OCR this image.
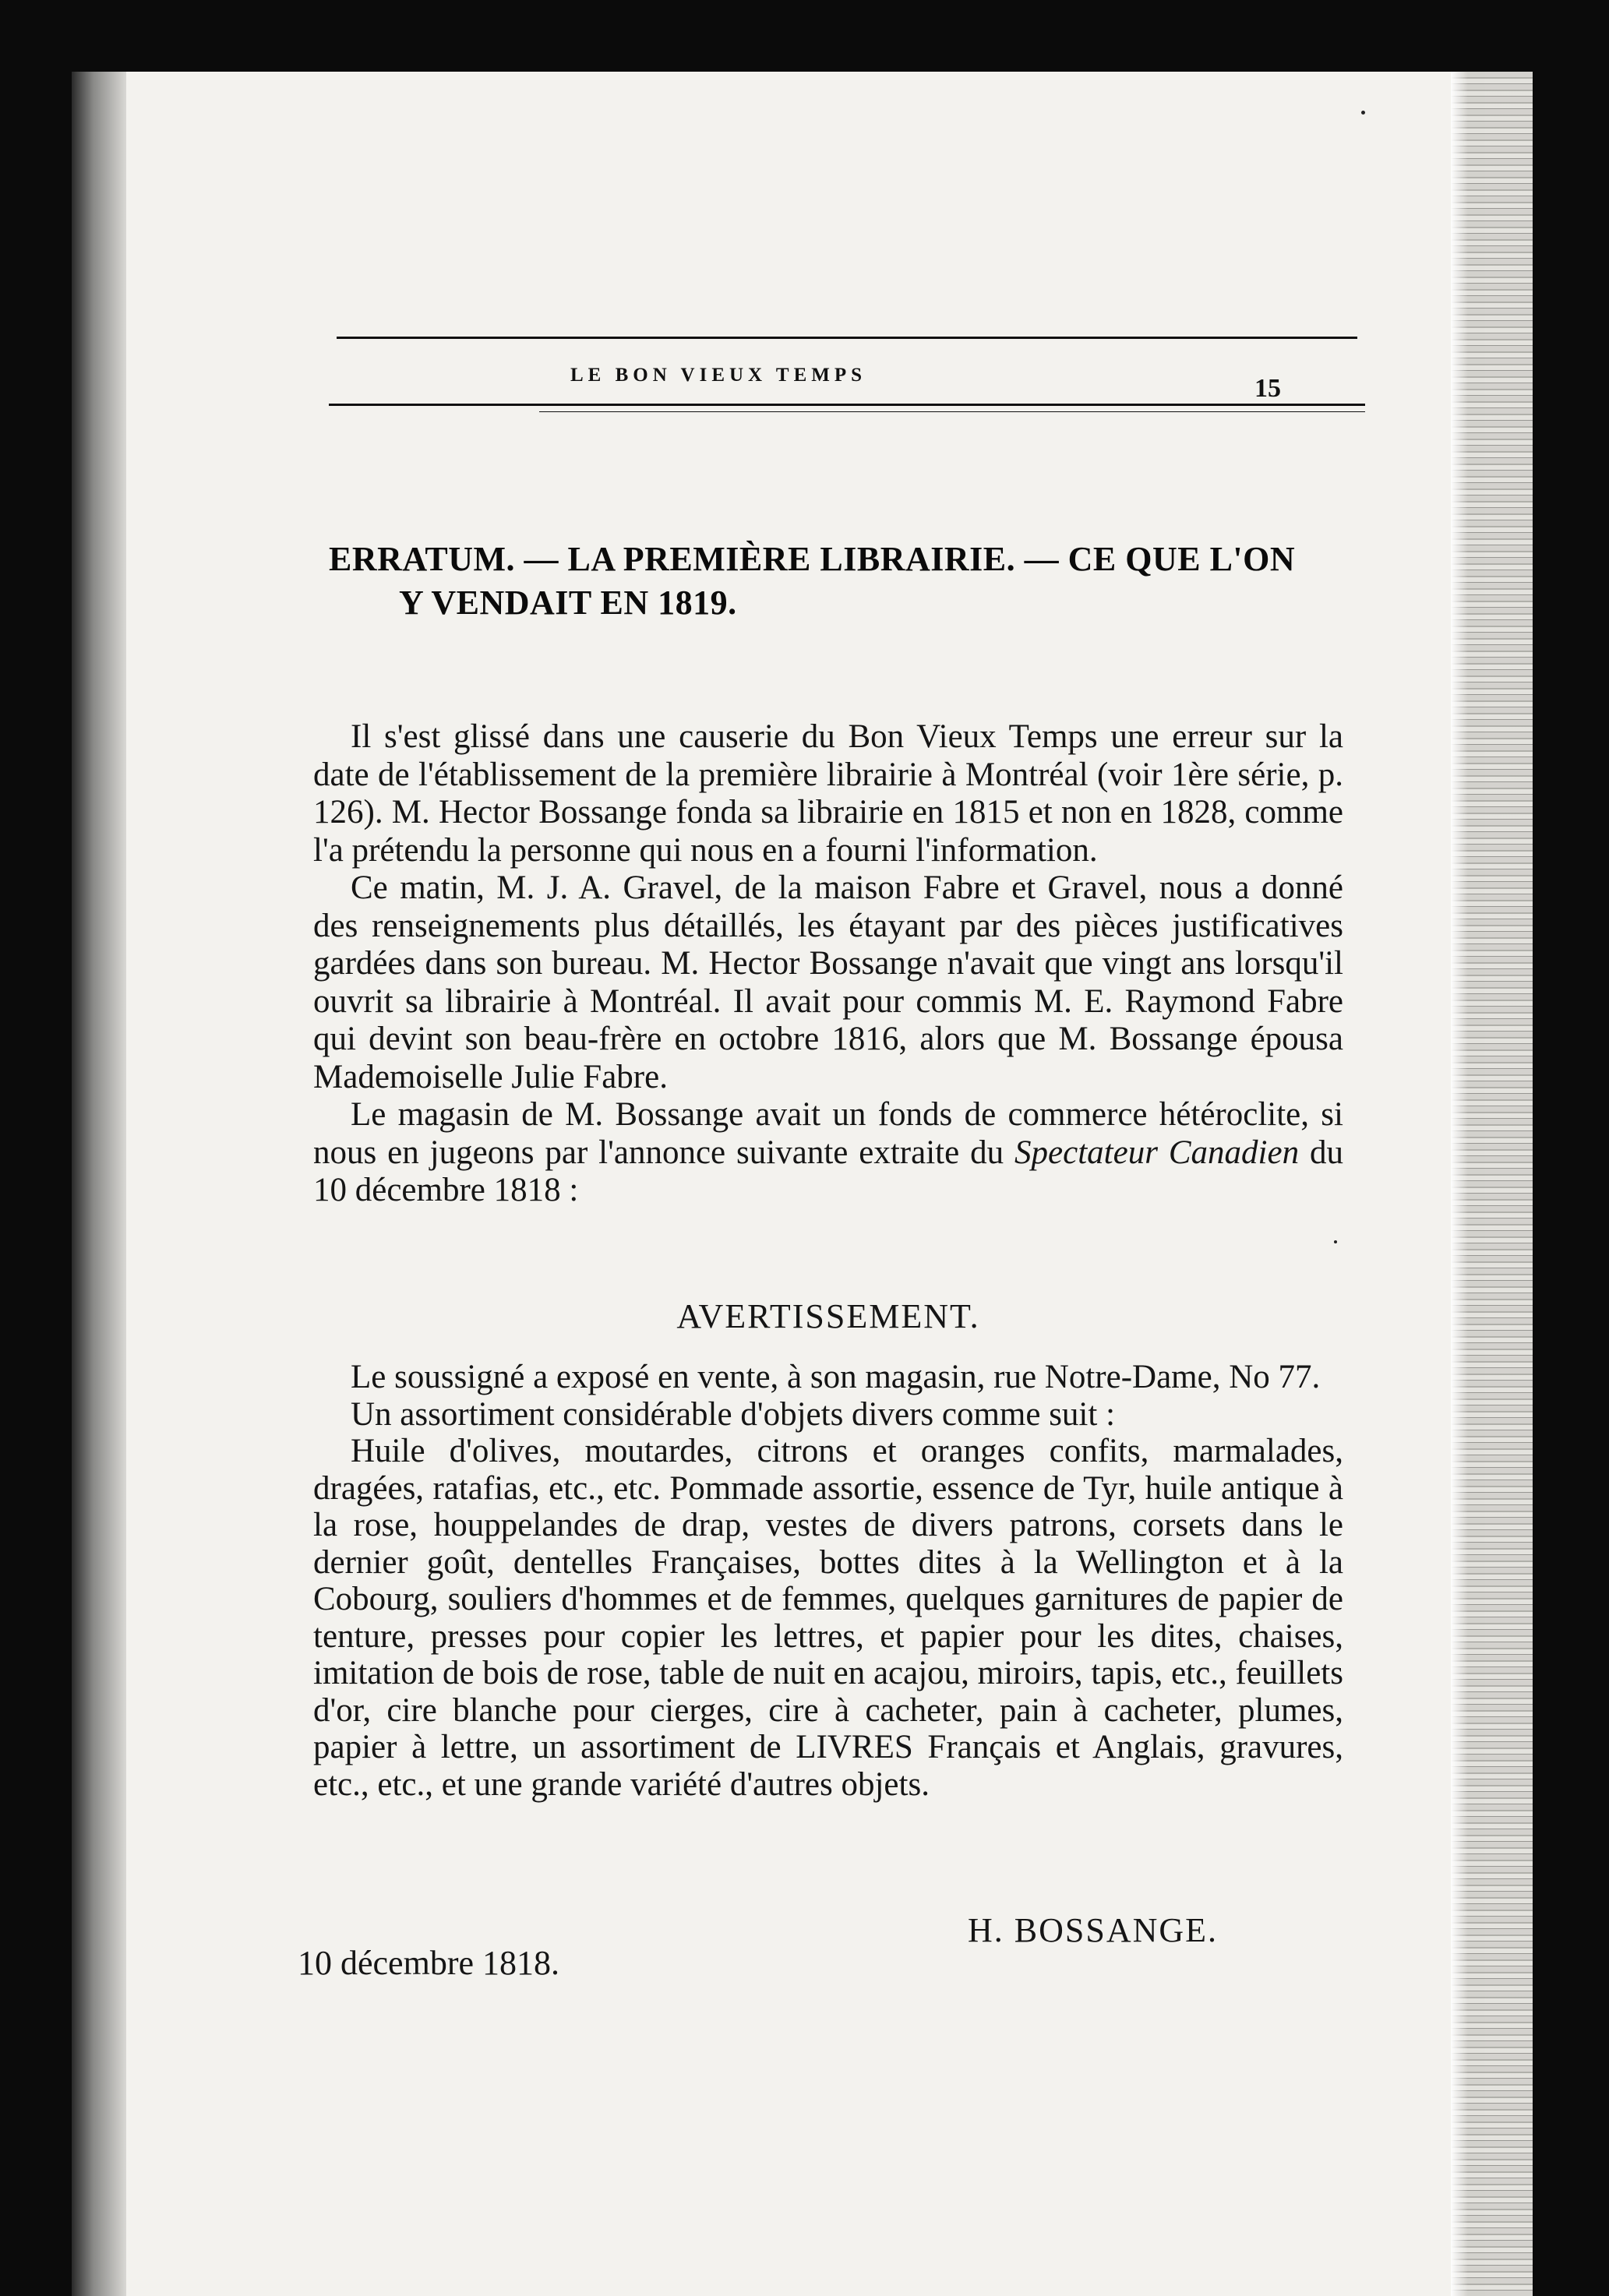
LE BON VIEUX TEMPS	15
ERRATUM. — LA PREMIÈRE LIBRAIRIE. — CE QUE L'ON
Y VENDAIT EN 1819.

Il s'est glissé dans une causerie du Bon Vieux Temps une erreur sur la date de l'établissement de la première librairie à Montréal (voir 1ère série, p. 126). M. Hector Bossange fonda sa librairie en 1815 et non en 1828, comme l'a prétendu la personne qui nous en a fourni l'information.

Ce matin, M. J. A. Gravel, de la maison Fabre et Gravel, nous a donné des renseignements plus détaillés, les étayant par des pièces justificatives gardées dans son bureau. M. Hector Bossange n'avait que vingt ans lorsqu'il ouvrit sa librairie à Montréal. Il avait pour commis M. E. Raymond Fabre qui devint son beau-frère en octobre 1816, alors que M. Bossange épousa Mademoiselle Julie Fabre.

Le magasin de M. Bossange avait un fonds de commerce hétéroclite, si nous en jugeons par l'annonce suivante extraite du Spectateur Canadien du 10 décembre 1818 :

AVERTISSEMENT.

Le soussigné a exposé en vente, à son magasin, rue Notre-Dame, No 77.

Un assortiment considérable d'objets divers comme suit :

Huile d'olives, moutardes, citrons et oranges confits, marmalades, dragées, ratafias, etc., etc. Pommade assortie, essence de Tyr, huile antique à la rose, houppelandes de drap, vestes de divers patrons, corsets dans le dernier goût, dentelles Françaises, bottes dites à la Wellington et à la Cobourg, souliers d'hommes et de femmes, quelques garnitures de papier de tenture, presses pour copier les lettres, et papier pour les dites, chaises, imitation de bois de rose, table de nuit en acajou, miroirs, tapis, etc., feuillets d'or, cire blanche pour cierges, cire à cacheter, pain à cacheter, plumes, papier à lettre, un assortiment de LIVRES Français et Anglais, gravures, etc., etc., et une grande variété d'autres objets.

H. BOSSANGE.
10 décembre 1818.
